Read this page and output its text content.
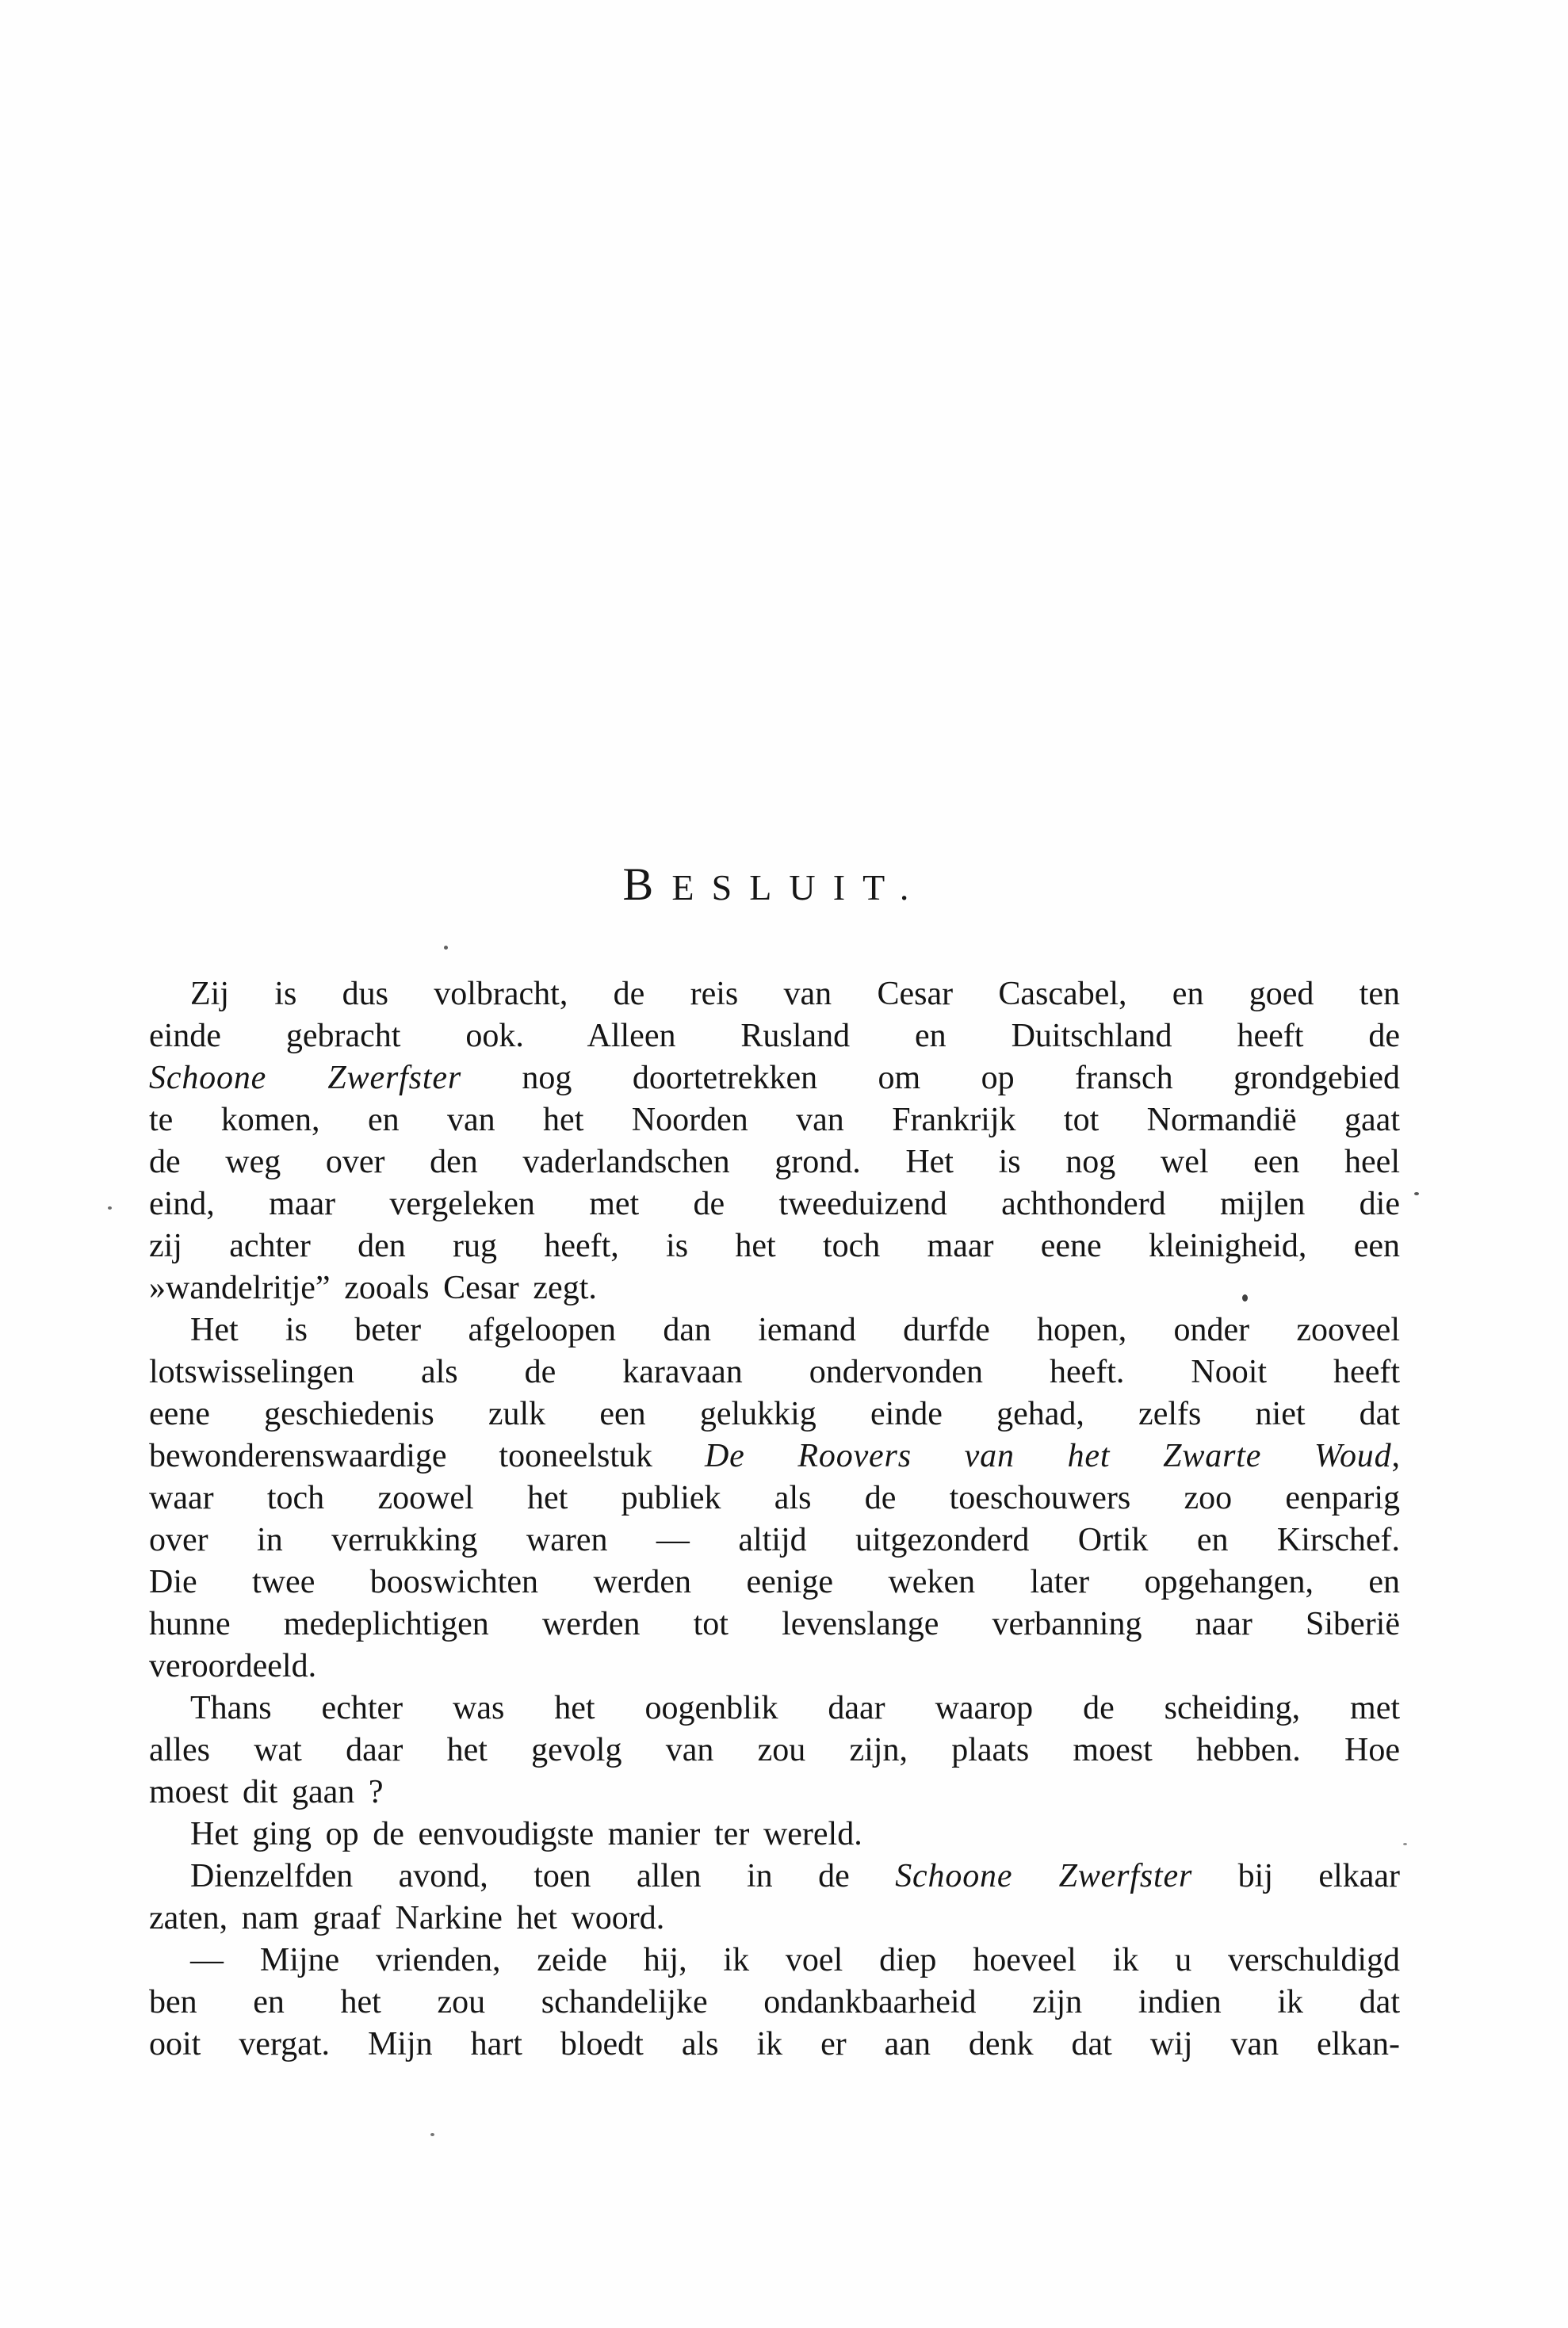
BESLUIT.
Zij is dus volbracht, de reis van Cesar Cascabel, en goed ten
einde gebracht ook. Alleen Rusland en Duitschland heeft de
Schoone Zwerfster nog doortetrekken om op fransch grondgebied
te komen, en van het Noorden van Frankrijk tot Normandië gaat
de weg over den vaderlandschen grond. Het is nog wel een heel
eind, maar vergeleken met de tweeduizend achthonderd mijlen die
zij achter den rug heeft, is het toch maar eene kleinigheid, een
»wandelritje” zooals Cesar zegt.
Het is beter afgeloopen dan iemand durfde hopen, onder zooveel
lotswisselingen als de karavaan ondervonden heeft. Nooit heeft
eene geschiedenis zulk een gelukkig einde gehad, zelfs niet dat
bewonderenswaardige tooneelstuk De Roovers van het Zwarte Woud,
waar toch zoowel het publiek als de toeschouwers zoo eenparig
over in verrukking waren — altijd uitgezonderd Ortik en Kirschef.
Die twee booswichten werden eenige weken later opgehangen, en
hunne medeplichtigen werden tot levenslange verbanning naar Siberië
veroordeeld.
Thans echter was het oogenblik daar waarop de scheiding, met
alles wat daar het gevolg van zou zijn, plaats moest hebben. Hoe
moest dit gaan ?
Het ging op de eenvoudigste manier ter wereld.
Dienzelfden avond, toen allen in de Schoone Zwerfster bij elkaar
zaten, nam graaf Narkine het woord.
— Mijne vrienden, zeide hij, ik voel diep hoeveel ik u verschuldigd
ben en het zou schandelijke ondankbaarheid zijn indien ik dat
ooit vergat. Mijn hart bloedt als ik er aan denk dat wij van elkan-
